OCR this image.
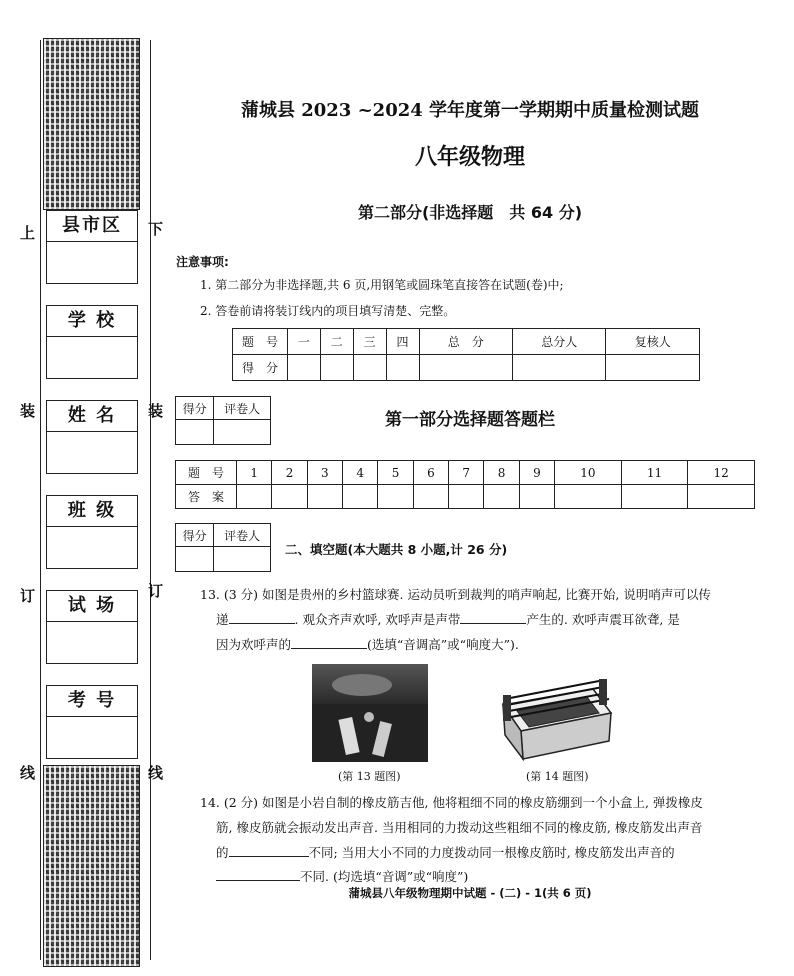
上
装
订
线
下
装
订
线
县市区
学 校
姓 名
班 级
试 场
考 号
蒲城县 2023 ~2024 学年度第一学期期中质量检测试题
八年级物理
第二部分(非选择题　共 64 分)
注意事项:
1. 第二部分为非选择题,共 6 页,用钢笔或圆珠笔直接答在试题(卷)中;
2. 答卷前请将装订线内的项目填写清楚、完整。
题　号	一	二	三	四	总　分	总分人	复核人
得　分							
得分	评卷人

第一部分选择题答题栏
题　号	1	2	3	4	5	6	7	8	9	10	11	12
答　案												
得分	评卷人

二、填空题(本大题共 8 小题,计 26 分)
13. (3 分) 如图是贵州的乡村篮球赛. 运动员听到裁判的哨声响起, 比赛开始, 说明哨声可以传
递	. 观众齐声欢呼, 欢呼声是声带	产生的. 欢呼声震耳欲聋, 是
因为欢呼声的	(选填“音调高”或“响度大”).
(第 13 题图)	(第 14 题图)
14. (2 分) 如图是小岩自制的橡皮筋吉他, 他将粗细不同的橡皮筋绷到一个小盒上, 弹拨橡皮
筋, 橡皮筋就会振动发出声音. 当用相同的力拨动这些粗细不同的橡皮筋, 橡皮筋发出声音
的	不同; 当用大小不同的力度拨动同一根橡皮筋时, 橡皮筋发出声音的
不同. (均选填“音调”或“响度”)
蒲城县八年级物理期中试题 - (二) - 1(共 6 页)
